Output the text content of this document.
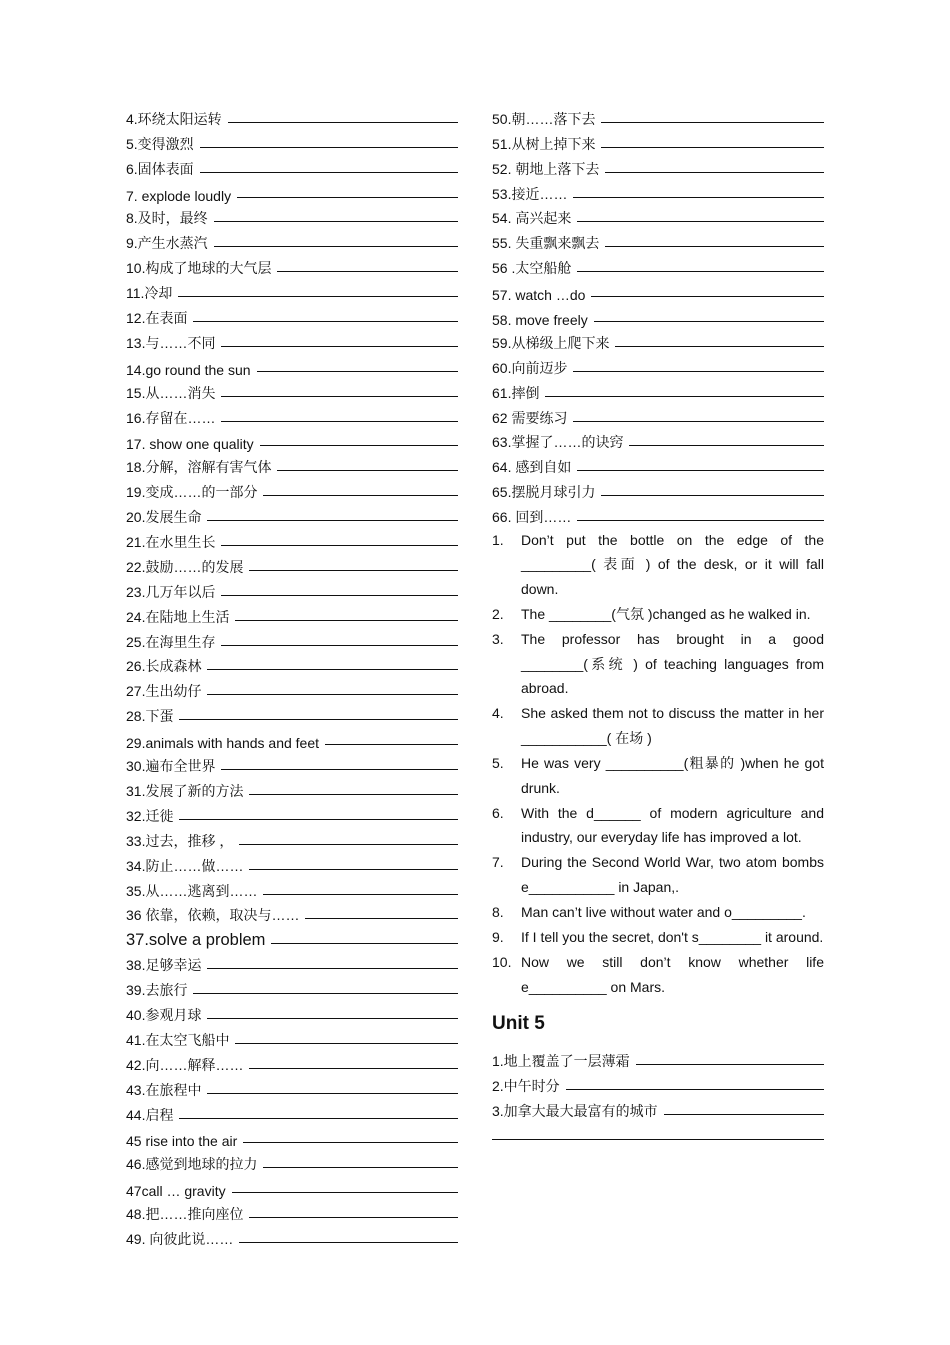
4.环绕太阳运转
5.变得激烈
6.固体表面
7. explode loudly
8.及时，最终
9.产生水蒸汽
10.构成了地球的大气层
11.冷却
12.在表面
13.与……不同
14.go round the sun
15.从……消失
16.存留在……
17. show one quality
18.分解，溶解有害气体
19.变成……的一部分
20.发展生命
21.在水里生长
22.鼓励……的发展
23.几万年以后
24.在陆地上生活
25.在海里生存
26.长成森林
27.生出幼仔
28.下蛋
29.animals with hands and feet
30.遍布全世界
31.发展了新的方法
32.迁徙
33.过去，推移 ，
34.防止……做……
35.从……逃离到……
36 依靠，依赖，取决与……
37.solve a problem
38.足够幸运
39.去旅行
40.参观月球
41.在太空飞船中
42.向……解释……
43.在旅程中
44.启程
45 rise into the air
46.感觉到地球的拉力
47call … gravity
48.把……推向座位
49. 向彼此说……
50.朝……落下去
51.从树上掉下来
52. 朝地上落下去
53.接近……
54. 高兴起来
55. 失重飘来飘去
56 .太空船舱
57. watch …do
58. move freely
59.从梯级上爬下来
60.向前迈步
61.摔倒
62 需要练习
63.掌握了……的诀窍
64. 感到自如
65.摆脱月球引力
66. 回到……
1.	Don’t put the bottle on the edge of the _________( 表面 ) of the desk, or it will fall down.
2.	The ________(气氛 )changed as he walked in.
3.	The professor has brought in a good ________(系统 ) of teaching languages from abroad.
4.	She asked them not to discuss the matter in her ___________( 在场 )
5.	He was very __________(粗暴的 )when he got drunk.
6.	With the d______ of modern agriculture and industry, our everyday life has improved a lot.
7.	During the Second World War, two atom bombs e___________ in Japan,.
8.	Man can’t live without water and o_________.
9.	If I tell you the secret, don't s________ it around.
10. Now we still don’t know whether life e__________ on Mars.
Unit 5
1.地上覆盖了一层薄霜
2.中午时分
3.加拿大最大最富有的城市
